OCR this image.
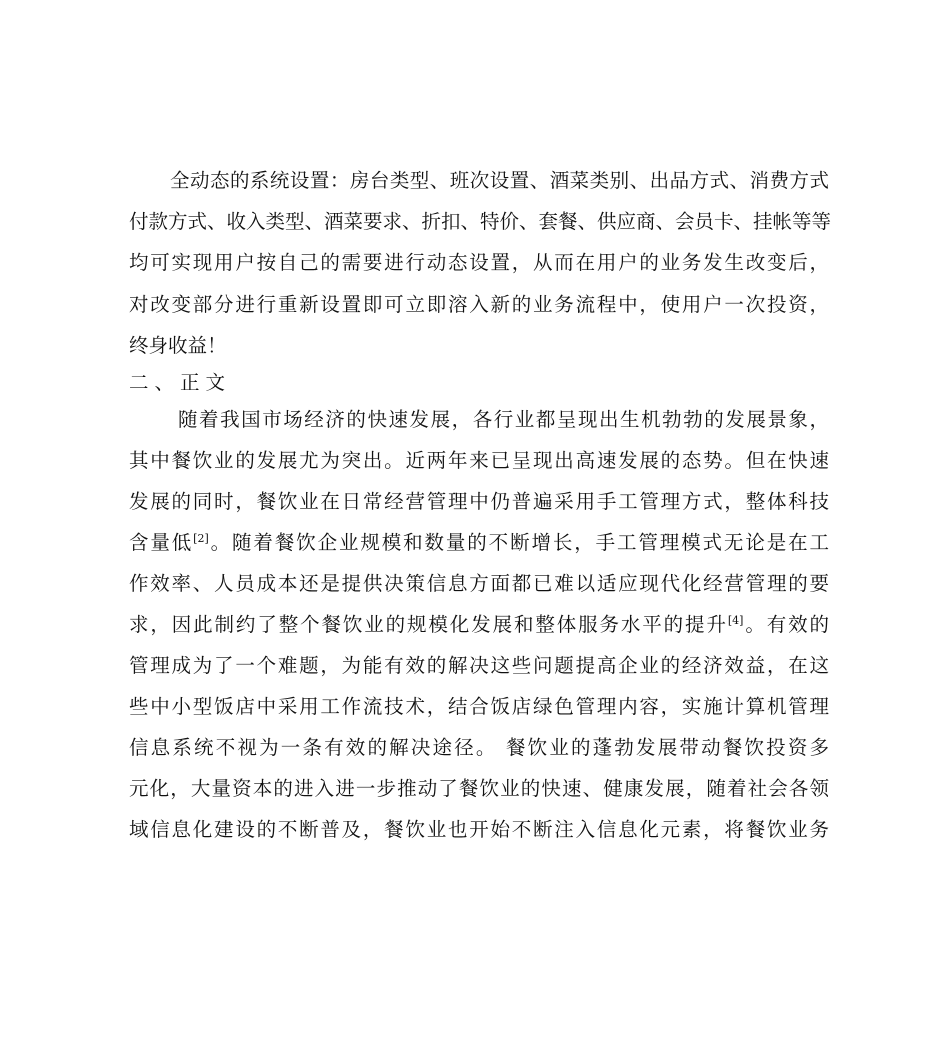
全动态的系统设置：房台类型、班次设置、酒菜类别、出品方式、消费方式
付款方式、收入类型、酒菜要求、折扣、特价、套餐、供应商、会员卡、挂帐等等
均可实现用户按自己的需要进行动态设置，从而在用户的业务发生改变后，
对改变部分进行重新设置即可立即溶入新的业务流程中，使用户一次投资，
终身收益！
二、正文
随着我国市场经济的快速发展，各行业都呈现出生机勃勃的发展景象，
其中餐饮业的发展尤为突出。近两年来已呈现出高速发展的态势。但在快速
发展的同时，餐饮业在日常经营管理中仍普遍采用手工管理方式，整体科技
含量低[2]。随着餐饮企业规模和数量的不断增长，手工管理模式无论是在工
作效率、人员成本还是提供决策信息方面都已难以适应现代化经营管理的要
求，因此制约了整个餐饮业的规模化发展和整体服务水平的提升[4]。有效的
管理成为了一个难题，为能有效的解决这些问题提高企业的经济效益，在这
些中小型饭店中采用工作流技术，结合饭店绿色管理内容，实施计算机管理
信息系统不视为一条有效的解决途径。 餐饮业的蓬勃发展带动餐饮投资多
元化，大量资本的进入进一步推动了餐饮业的快速、健康发展，随着社会各领
域信息化建设的不断普及，餐饮业也开始不断注入信息化元素，将餐饮业务
